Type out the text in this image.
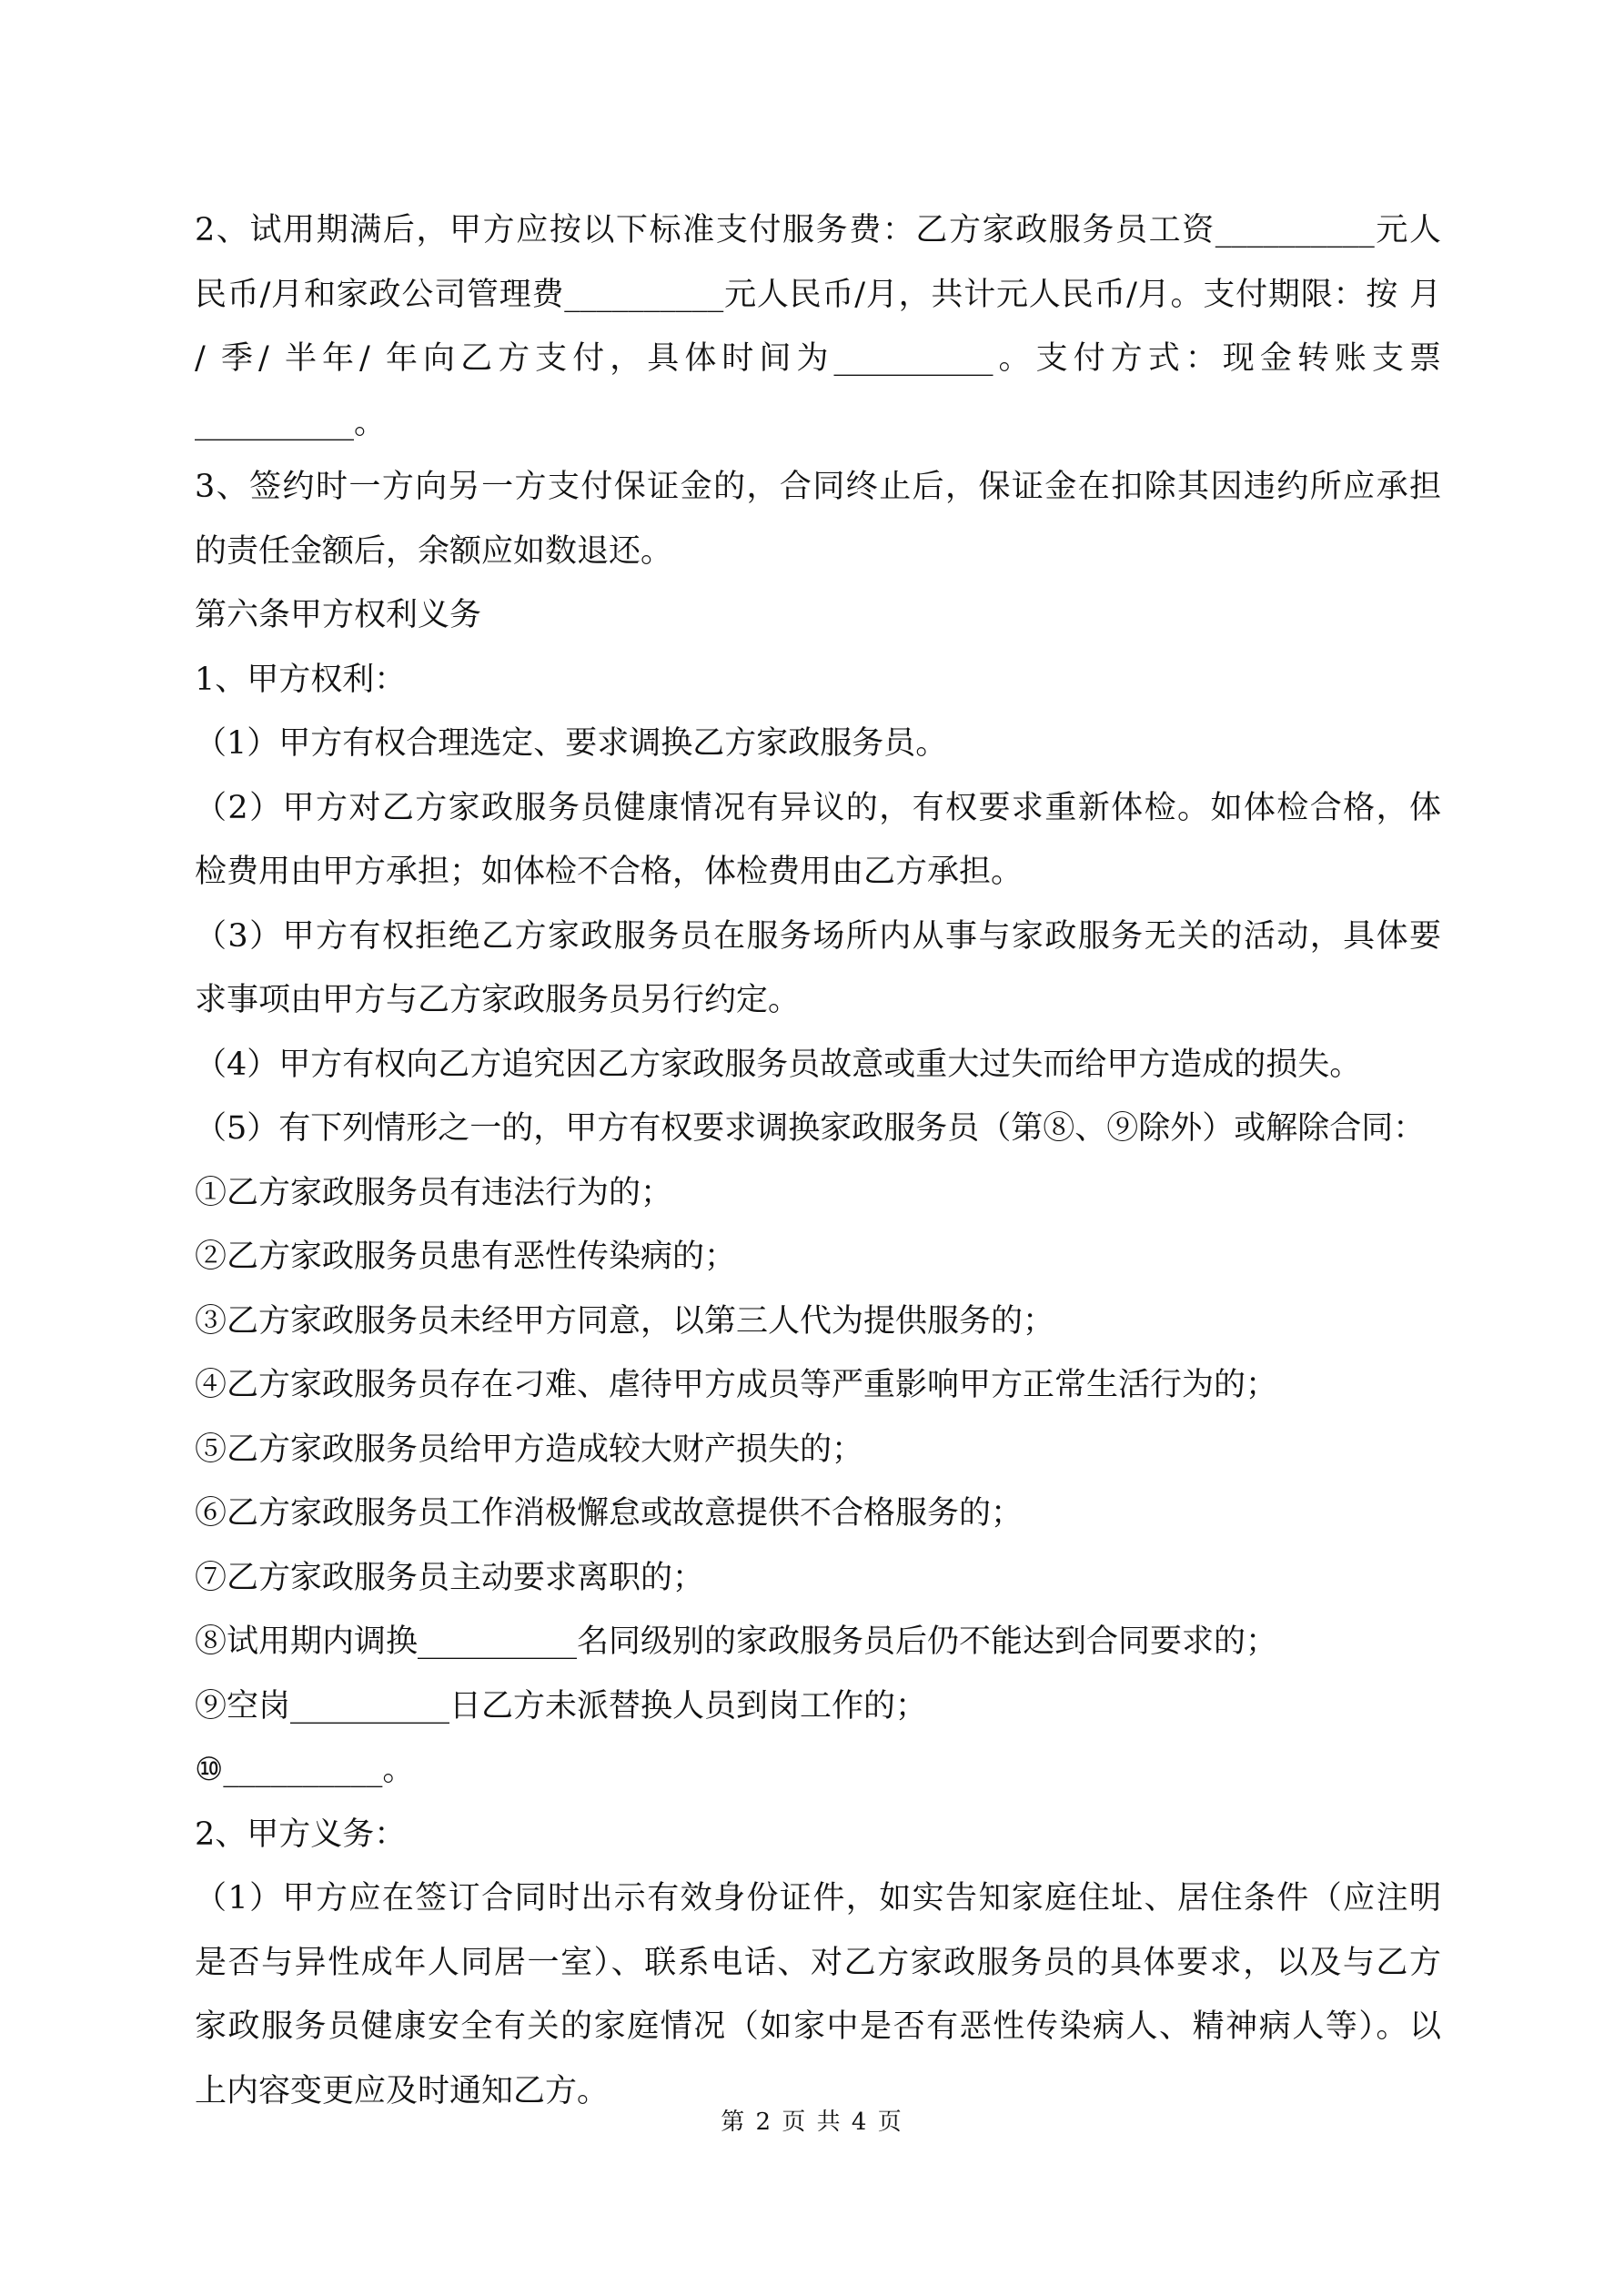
2、试用期满后，甲方应按以下标准支付服务费：乙方家政服务员工资__________元人
民币/月和家政公司管理费__________元人民币/月，共计元人民币/月。支付期限：按 月
/ 季/ 半年/ 年向乙方支付，具体时间为__________。支付方式：现金转账支票
__________。
3、签约时一方向另一方支付保证金的，合同终止后，保证金在扣除其因违约所应承担
的责任金额后，余额应如数退还。
第六条甲方权利义务
1、甲方权利：
（1）甲方有权合理选定、要求调换乙方家政服务员。
（2）甲方对乙方家政服务员健康情况有异议的，有权要求重新体检。如体检合格，体
检费用由甲方承担；如体检不合格，体检费用由乙方承担。
（3）甲方有权拒绝乙方家政服务员在服务场所内从事与家政服务无关的活动，具体要
求事项由甲方与乙方家政服务员另行约定。
（4）甲方有权向乙方追究因乙方家政服务员故意或重大过失而给甲方造成的损失。
（5）有下列情形之一的，甲方有权要求调换家政服务员（第⑧、⑨除外）或解除合同：
①乙方家政服务员有违法行为的；
②乙方家政服务员患有恶性传染病的；
③乙方家政服务员未经甲方同意，以第三人代为提供服务的；
④乙方家政服务员存在刁难、虐待甲方成员等严重影响甲方正常生活行为的；
⑤乙方家政服务员给甲方造成较大财产损失的；
⑥乙方家政服务员工作消极懈怠或故意提供不合格服务的；
⑦乙方家政服务员主动要求离职的；
⑧试用期内调换__________名同级别的家政服务员后仍不能达到合同要求的；
⑨空岗__________日乙方未派替换人员到岗工作的；
⑩__________。
2、甲方义务：
（1）甲方应在签订合同时出示有效身份证件，如实告知家庭住址、居住条件（应注明
是否与异性成年人同居一室）、联系电话、对乙方家政服务员的具体要求，以及与乙方
家政服务员健康安全有关的家庭情况（如家中是否有恶性传染病人、精神病人等）。以
上内容变更应及时通知乙方。
第 2 页 共 4 页
